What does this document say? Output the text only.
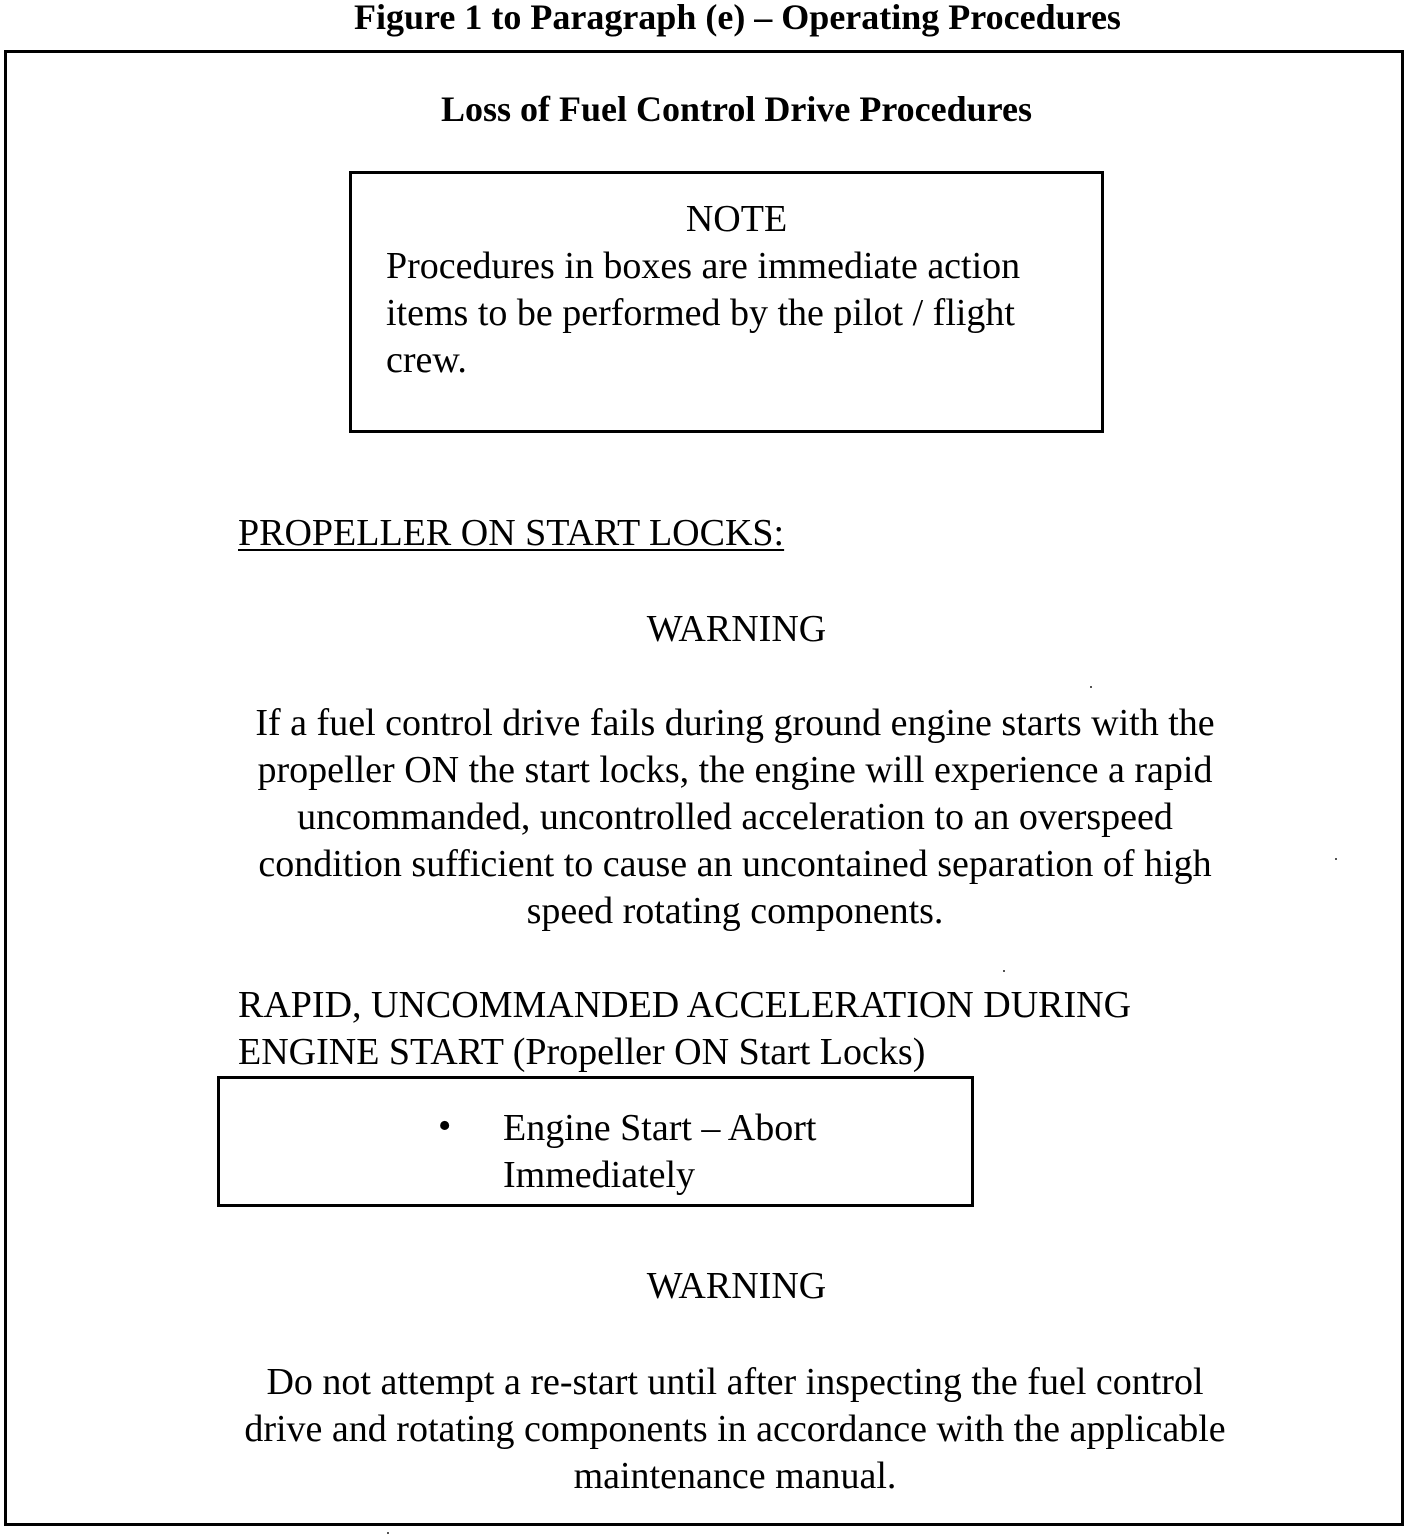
Figure 1 to Paragraph (e) – Operating Procedures
Loss of Fuel Control Drive Procedures
NOTE
Procedures in boxes are immediate action items to be performed by the pilot / flight crew.
PROPELLER ON START LOCKS:
WARNING
If a fuel control drive fails during ground engine starts with the propeller ON the start locks, the engine will experience a rapid uncommanded, uncontrolled acceleration to an overspeed condition sufficient to cause an uncontained separation of high speed rotating components.
RAPID, UNCOMMANDED ACCELERATION DURING ENGINE START (Propeller ON Start Locks)
• Engine Start – Abort Immediately
WARNING
Do not attempt a re-start until after inspecting the fuel control drive and rotating components in accordance with the applicable maintenance manual.
